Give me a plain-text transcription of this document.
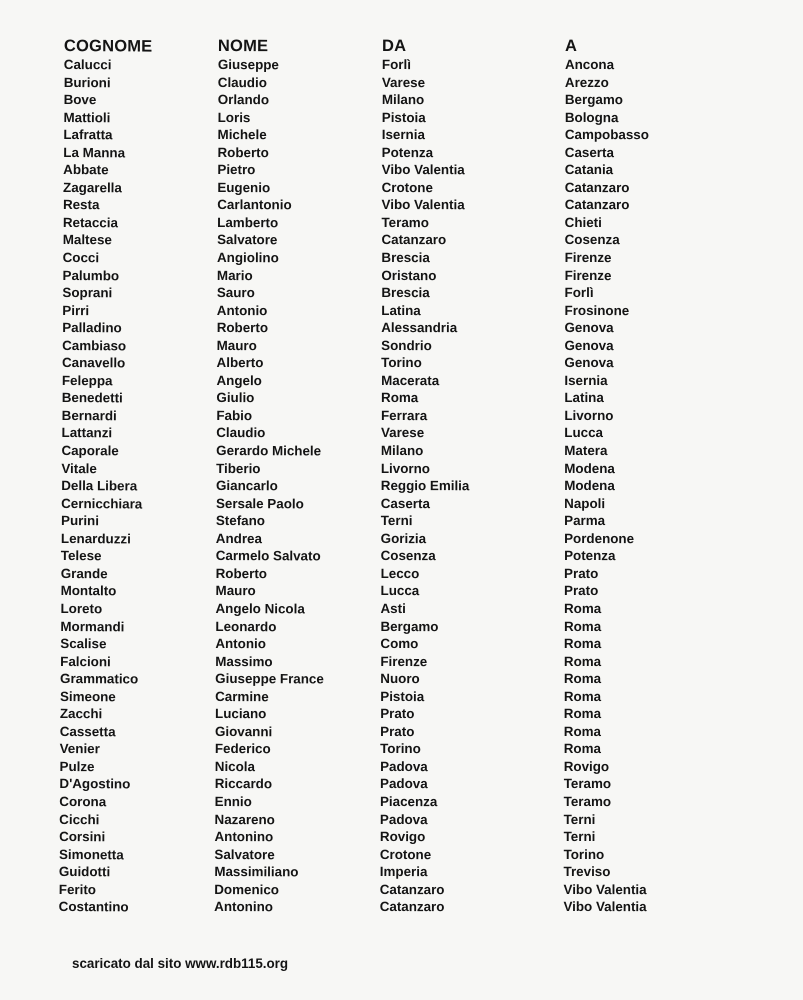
COGNOME
Calucci
Burioni
Bove
Mattioli
Lafratta
La Manna
Abbate
Zagarella
Resta
Retaccia
Maltese
Cocci
Palumbo
Soprani
Pirri
Palladino
Cambiaso
Canavello
Feleppa
Benedetti
Bernardi
Lattanzi
Caporale
Vitale
Della Libera
Cernicchiara
Purini
Lenarduzzi
Telese
Grande
Montalto
Loreto
Mormandi
Scalise
Falcioni
Grammatico
Simeone
Zacchi
Cassetta
Venier
Pulze
D'Agostino
Corona
Cicchi
Corsini
Simonetta
Guidotti
Ferito
Costantino
NOME
Giuseppe
Claudio
Orlando
Loris
Michele
Roberto
Pietro
Eugenio
Carlantonio
Lamberto
Salvatore
Angiolino
Mario
Sauro
Antonio
Roberto
Mauro
Alberto
Angelo
Giulio
Fabio
Claudio
Gerardo Michele
Tiberio
Giancarlo
Sersale Paolo
Stefano
Andrea
Carmelo Salvato
Roberto
Mauro
Angelo Nicola
Leonardo
Antonio
Massimo
Giuseppe France
Carmine
Luciano
Giovanni
Federico
Nicola
Riccardo
Ennio
Nazareno
Antonino
Salvatore
Massimiliano
Domenico
Antonino
DA
Forlì
Varese
Milano
Pistoia
Isernia
Potenza
Vibo Valentia
Crotone
Vibo Valentia
Teramo
Catanzaro
Brescia
Oristano
Brescia
Latina
Alessandria
Sondrio
Torino
Macerata
Roma
Ferrara
Varese
Milano
Livorno
Reggio Emilia
Caserta
Terni
Gorizia
Cosenza
Lecco
Lucca
Asti
Bergamo
Como
Firenze
Nuoro
Pistoia
Prato
Prato
Torino
Padova
Padova
Piacenza
Padova
Rovigo
Crotone
Imperia
Catanzaro
Catanzaro
A
Ancona
Arezzo
Bergamo
Bologna
Campobasso
Caserta
Catania
Catanzaro
Catanzaro
Chieti
Cosenza
Firenze
Firenze
Forlì
Frosinone
Genova
Genova
Genova
Isernia
Latina
Livorno
Lucca
Matera
Modena
Modena
Napoli
Parma
Pordenone
Potenza
Prato
Prato
Roma
Roma
Roma
Roma
Roma
Roma
Roma
Roma
Roma
Rovigo
Teramo
Teramo
Terni
Terni
Torino
Treviso
Vibo Valentia
Vibo Valentia
scaricato dal sito www.rdb115.org
